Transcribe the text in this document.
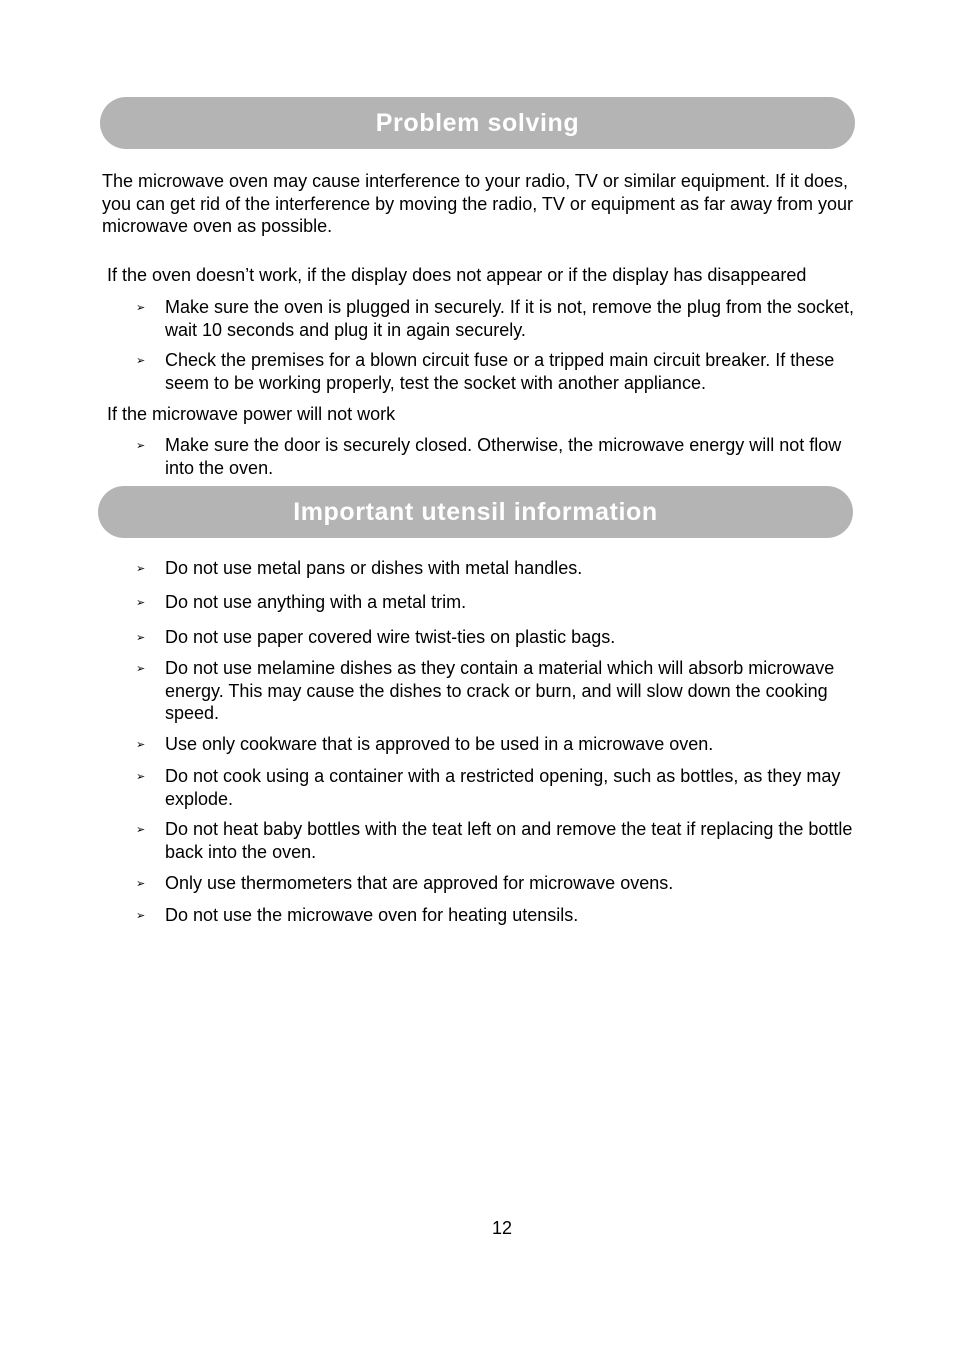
Problem solving

The microwave oven may cause interference to your radio, TV or similar equipment. If it does, you can get rid of the interference by moving the radio, TV or equipment as far away from your microwave oven as possible.

If the oven doesn’t work, if the display does not appear or if the display has disappeared

➢ Make sure the oven is plugged in securely. If it is not, remove the plug from the socket, wait 10 seconds and plug it in again securely.
➢ Check the premises for a blown circuit fuse or a tripped main circuit breaker. If these seem to be working properly, test the socket with another appliance.

If the microwave power will not work

➢ Make sure the door is securely closed. Otherwise, the microwave energy will not flow into the oven.
Important utensil information
➢ Do not use metal pans or dishes with metal handles.
➢ Do not use anything with a metal trim.
➢ Do not use paper covered wire twist-ties on plastic bags.
➢ Do not use melamine dishes as they contain a material which will absorb microwave energy. This may cause the dishes to crack or burn, and will slow down the cooking speed.
➢ Use only cookware that is approved to be used in a microwave oven.
➢ Do not cook using a container with a restricted opening, such as bottles, as they may explode.
➢ Do not heat baby bottles with the teat left on and remove the teat if replacing the bottle back into the oven.
➢ Only use thermometers that are approved for microwave ovens.
➢ Do not use the microwave oven for heating utensils.
12
